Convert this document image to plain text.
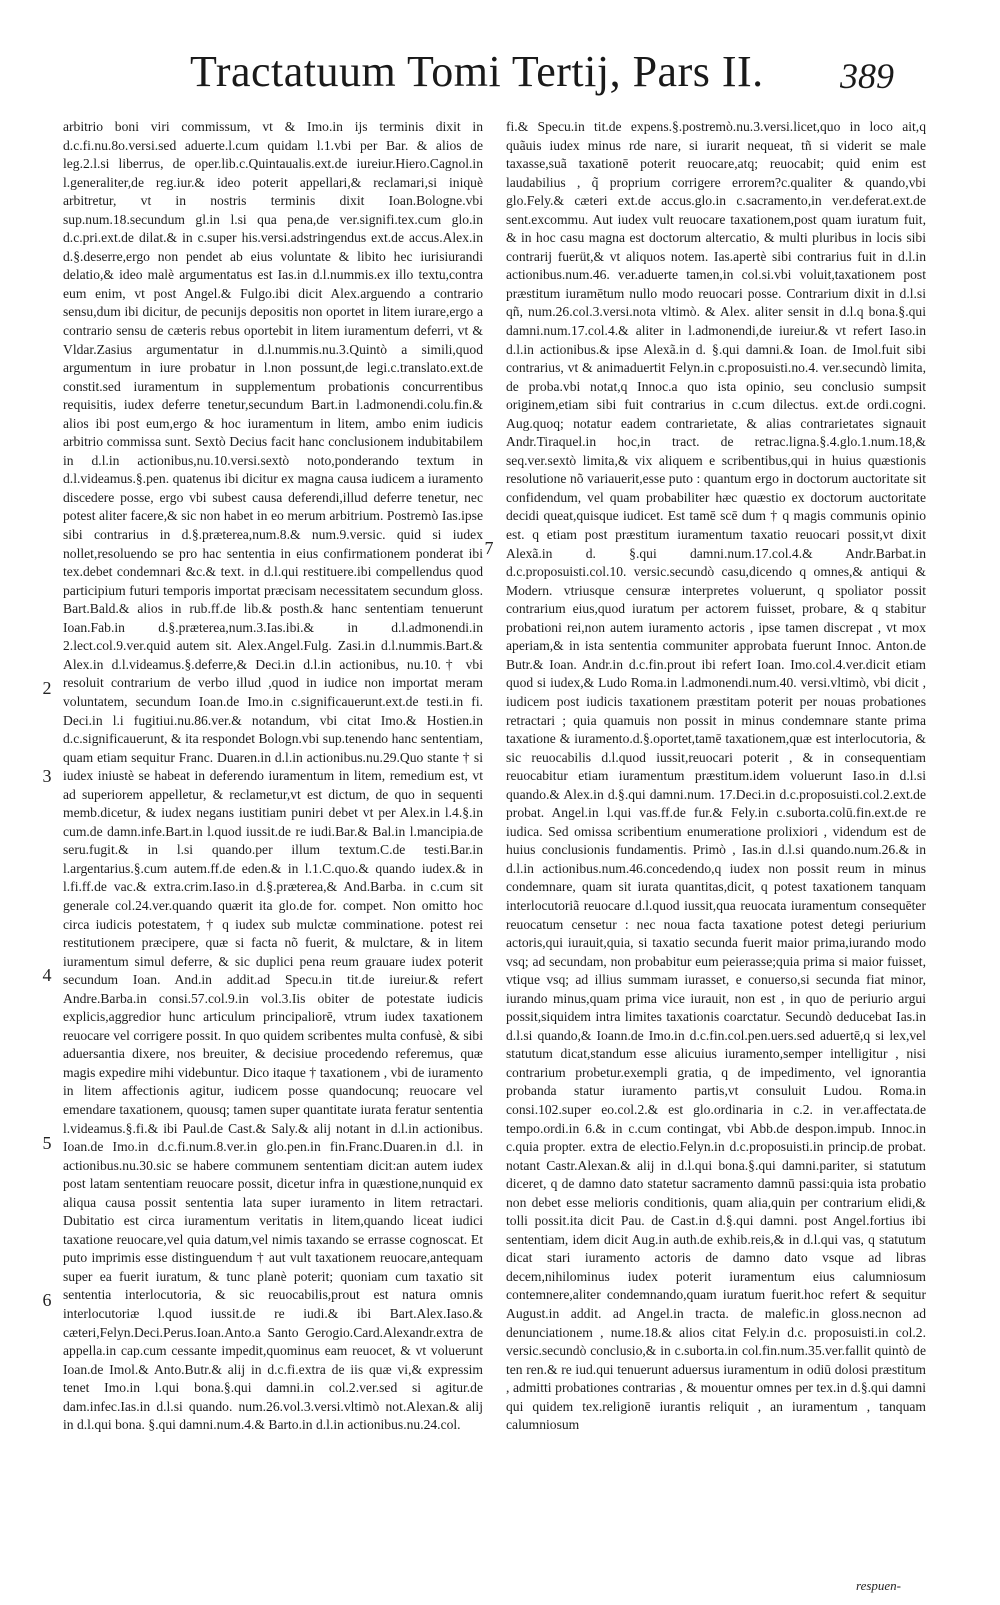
Tractatuum Tomi Tertij, Pars II.	389

arbitrio boni viri commissum, vt & Imo.in ijs terminis dixit in d.c.fi.nu.8o.versi.sed aduerte.l.cum quidam l.1.vbi per Bar. & alios de leg.2.l.si liberrus, de oper.lib.c.Quintaualis.ext.de iureiur.Hiero.Cagnol.in l.generaliter,de reg.iur.& ideo poterit appellari,& reclamari,si iniquè arbitretur, vt in nostris terminis dixit Ioan.Bologne.vbi sup.num.18.secundum gl.in l.si qua pena,de ver.signifi.tex.cum glo.in d.c.pri.ext.de dilat.& in c.super his.versi.adstringendus ext.de accus.Alex.in d.§.deserre,ergo non pendet ab eius voluntate & libito hec iurisiurandi delatio,& ideo malè argumentatus est Ias.in d.l.nummis.ex illo textu,contra eum enim, vt post Angel.& Fulgo.ibi dicit Alex.arguendo a contrario sensu,dum ibi dicitur, de pecunijs depositis non oportet in litem iurare,ergo a contrario sensu de cæteris rebus oportebit in litem iuramentum deferri, vt & Vldar.Zasius argumentatur in d.l.nummis.nu.3.Quintò a simili,quod argumentum in iure probatur in l.non possunt,de legi.c.translato.ext.de constit.sed iuramentum in supplementum probationis concurrentibus requisitis, iudex deferre tenetur,secundum Bart.in l.admonendi.colu.fin.& alios ibi post eum,ergo & hoc iuramentum in litem, ambo enim iudicis arbitrio commissa sunt. Sextò Decius facit hanc conclusionem indubitabilem in d.l.in actionibus,nu.10.versi.sextò noto,ponderando textum in d.l.videamus.§.pen. quatenus ibi dicitur ex magna causa iudicem a iuramento discedere posse, ergo vbi subest causa deferendi,illud deferre tenetur, nec potest aliter facere,& sic non habet in eo merum arbitrium. Postremò Ias.ipse sibi contrarius in d.§.præterea,num.8.& num.9.versic. quid si iudex nollet,resoluendo se pro hac sententia in eius confirmationem ponderat ibi tex.debet condemnari &c.& text. in d.l.qui restituere.ibi compellendus quod participium futuri temporis importat præcisam necessitatem secundum gloss. Bart.Bald.& alios in rub.ff.de lib.& posth.& hanc sententiam tenuerunt Ioan.Fab.in d.§.præterea,num.3.Ias.ibi.& in d.l.admonendi.in 2.lect.col.9.ver.quid autem sit. Alex.Angel.Fulg. Zasi.in d.l.nummis.Bart.& Alex.in d.l.videamus.§.deferre,& Deci.in d.l.in actionibus, nu.10.† vbi resoluit contrarium de verbo illud ,quod in iudice non importat meram voluntatem, secundum Ioan.de Imo.in c.significauerunt.ext.de testi.in fi. Deci.in l.i fugitiui.nu.86.ver.& notandum, vbi citat Imo.& Hostien.in d.c.significauerunt, & ita respondet Bologn.vbi sup.tenendo hanc sententiam, quam etiam sequitur Franc. Duaren.in d.l.in actionibus.nu.29.Quo stante † si iudex iniustè se habeat in deferendo iuramentum in litem, remedium est, vt ad superiorem appelletur, & reclametur,vt est dictum, de quo in sequenti memb.dicetur, & iudex negans iustitiam puniri debet vt per Alex.in l.4.§.in cum.de damn.infe.Bart.in l.quod iussit.de re iudi.Bar.& Bal.in l.mancipia.de seru.fugit.& in l.si quando.per illum textum.C.de testi.Bar.in l.argentarius.§.cum autem.ff.de eden.& in l.1.C.quo.& quando iudex.& in l.fi.ff.de vac.& extra.crim.Iaso.in d.§.præterea,& And.Barba. in c.cum sit generale col.24.ver.quando quærit ita glo.de for. compet. Non omitto hoc circa iudicis potestatem, † q iudex sub mulctæ comminatione. potest rei restitutionem præcipere, quæ si facta nõ fuerit, & mulctare, & in litem iuramentum simul deferre, & sic duplici pena reum grauare iudex poterit secundum Ioan. And.in addit.ad Specu.in tit.de iureiur.& refert Andre.Barba.in consi.57.col.9.in vol.3.Iis obiter de potestate iudicis explicis,aggredior hunc articulum principaliorē, vtrum iudex taxationem reuocare vel corrigere possit. In quo quidem scribentes multa confusè, & sibi aduersantia dixere, nos breuiter, & decisiue procedendo referemus, quæ magis expedire mihi videbuntur. Dico itaque † taxationem , vbi de iuramento in litem affectionis agitur, iudicem posse quandocunq; reuocare vel emendare taxationem, quousq; tamen super quantitate iurata feratur sententia l.videamus.§.fi.& ibi Paul.de Cast.& Saly.& alij notant in d.l.in actionibus. Ioan.de Imo.in d.c.fi.num.8.ver.in glo.pen.in fin.Franc.Duaren.in d.l. in actionibus.nu.30.sic se habere communem sententiam dicit:an autem iudex post latam sententiam reuocare possit, dicetur infra in quæstione,nunquid ex aliqua causa possit sententia lata super iuramento in litem retractari. Dubitatio est circa iuramentum veritatis in litem,quando liceat iudici taxatione reuocare,vel quia datum,vel nimis taxando se errasse cognoscat. Et puto imprimis esse distinguendum † aut vult taxationem reuocare,antequam super ea fuerit iuratum, & tunc planè poterit; quoniam cum taxatio sit sententia interlocutoria, & sic reuocabilis,prout est natura omnis interlocutoriæ l.quod iussit.de re iudi.& ibi Bart.Alex.Iaso.& cæteri,Felyn.Deci.Perus.Ioan.Anto.a Santo Gerogio.Card.Alexandr.extra de appella.in cap.cum cessante impedit,quominus eam reuocet, & vt voluerunt Ioan.de Imol.& Anto.Butr.& alij in d.c.fi.extra de iis quæ vi,& expressim tenet Imo.in l.qui bona.§.qui damni.in col.2.ver.sed si agitur.de dam.infec.Ias.in d.l.si quando. num.26.vol.3.versi.vltimò not.Alexan.& alij in d.l.qui bona. §.qui damni.num.4.& Barto.in d.l.in actionibus.nu.24.col.

fi.& Specu.in tit.de expens.§.postremò.nu.3.versi.licet,quo in loco ait,q quãuis iudex minus rde nare, si iurarit nequeat, tñ si viderit se male taxasse,suã taxationē poterit reuocare,atq; reuocabit; quid enim est laudabilius , q̃ proprium corrigere errorem?c.qualiter & quando,vbi glo.Fely.& cæteri ext.de accus.glo.in c.sacramento,in ver.deferat.ext.de sent.excommu. Aut iudex vult reuocare taxationem,post quam iuratum fuit, & in hoc casu magna est doctorum altercatio, & multi pluribus in locis sibi contrarij fuerüt,& vt aliquos notem. Ias.apertè sibi contrarius fuit in d.l.in actionibus.num.46. ver.aduerte tamen,in col.si.vbi voluit,taxationem post præstitum iuramētum nullo modo reuocari posse. Contrarium dixit in d.l.si qñ, num.26.col.3.versi.nota vltimò. & Alex. aliter sensit in d.l.q bona.§.qui damni.num.17.col.4.& aliter in l.admonendi,de iureiur.& vt refert Iaso.in d.l.in actionibus.& ipse Alexã.in d. §.qui damni.& Ioan. de Imol.fuit sibi contrarius, vt & animaduertit Felyn.in c.proposuisti.no.4. ver.secundò limita, de proba.vbi notat,q Innoc.a quo ista opinio, seu conclusio sumpsit originem,etiam sibi fuit contrarius in c.cum dilectus. ext.de ordi.cogni. Aug.quoq; notatur eadem contrarietate, & alias contrarietates signauit Andr.Tiraquel.in hoc,in tract. de retrac.ligna.§.4.glo.1.num.18,& seq.ver.sextò limita,& vix aliquem e scribentibus,qui in huius quæstionis resolutione nõ variauerit,esse puto : quantum ergo in doctorum auctoritate sit confidendum, vel quam probabiliter hæc quæstio ex doctorum auctoritate decidi queat,quisque iudicet. Est tamē scē dum † q magis communis opinio est. q etiam post præstitum iuramentum taxatio reuocari possit,vt dixit Alexã.in d. §.qui damni.num.17.col.4.& Andr.Barbat.in d.c.proposuisti.col.10. versic.secundò casu,dicendo q omnes,& antiqui & Modern. vtriusque censuræ interpretes voluerunt, q spoliator possit contrarium eius,quod iuratum per actorem fuisset, probare, & q stabitur probationi rei,non autem iuramento actoris , ipse tamen discrepat , vt mox aperiam,& in ista sententia communiter approbata fuerunt Innoc. Anton.de Butr.& Ioan. Andr.in d.c.fin.prout ibi refert Ioan. Imo.col.4.ver.dicit etiam quod si iudex,& Ludo Roma.in l.admonendi.num.40. versi.vltimò, vbi dicit , iudicem post iudicis taxationem præstitam poterit per nouas probationes retractari ; quia quamuis non possit in minus condemnare stante prima taxatione & iuramento.d.§.oportet,tamē taxationem,quæ est interlocutoria, & sic reuocabilis d.l.quod iussit,reuocari poterit , & in consequentiam reuocabitur etiam iuramentum præstitum.idem voluerunt Iaso.in d.l.si quando.& Alex.in d.§.qui damni.num. 17.Deci.in d.c.proposuisti.col.2.ext.de probat. Angel.in l.qui vas.ff.de fur.& Fely.in c.suborta.colū.fin.ext.de re iudica. Sed omissa scribentium enumeratione prolixiori , videndum est de huius conclusionis fundamentis. Primò , Ias.in d.l.si quando.num.26.& in d.l.in actionibus.num.46.concedendo,q iudex non possit reum in minus condemnare, quam sit iurata quantitas,dicit, q potest taxationem tanquam interlocutoriã reuocare d.l.quod iussit,qua reuocata iuramentum consequēter reuocatum censetur : nec noua facta taxatione potest detegi periurium actoris,qui iurauit,quia, si taxatio secunda fuerit maior prima,iurando modo vsq; ad secundam, non probabitur eum peierasse;quia prima si maior fuisset, vtique vsq; ad illius summam iurasset, e conuerso,si secunda fiat minor, iurando minus,quam prima vice iurauit, non est , in quo de periurio argui possit,siquidem intra limites taxationis coarctatur. Secundò deducebat Ias.in d.l.si quando,& Ioann.de Imo.in d.c.fin.col.pen.uers.sed aduertē,q si lex,vel statutum dicat,standum esse alicuius iuramento,semper intelligitur , nisi contrarium probetur.exempli gratia, q de impedimento, vel ignorantia probanda statur iuramento partis,vt consuluit Ludou. Roma.in consi.102.super eo.col.2.& est glo.ordinaria in c.2. in ver.affectata.de tempo.ordi.in 6.& in c.cum contingat, vbi Abb.de despon.impub. Innoc.in c.quia propter. extra de electio.Felyn.in d.c.proposuisti.in princip.de probat. notant Castr.Alexan.& alij in d.l.qui bona.§.qui damni.pariter, si statutum diceret, q de damno dato statetur sacramento damnū passi:quia ista probatio non debet esse melioris conditionis, quam alia,quin per contrarium elidi,& tolli possit.ita dicit Pau. de Cast.in d.§.qui damni. post Angel.fortius ibi sententiam, idem dicit Aug.in auth.de exhib.reis,& in d.l.qui vas, q statutum dicat stari iuramento actoris de damno dato vsque ad libras decem,nihilominus iudex poterit iuramentum eius calumniosum contemnere,aliter condemnando,quam iuratum fuerit.hoc refert & sequitur August.in addit. ad Angel.in tracta. de malefic.in gloss.necnon ad denunciationem , nume.18.& alios citat Fely.in d.c. proposuisti.in col.2. versic.secundò conclusio,& in c.suborta.in col.fin.num.35.ver.fallit quintò de ten ren.& re iud.qui tenuerunt aduersus iuramentum in odiū dolosi præstitum , admitti probationes contrarias , & mouentur omnes per tex.in d.§.qui damni qui quidem tex.religionē iurantis reliquit , an iuramentum , tanquam calumniosum

2
3
4
5
6
7
respuen-
